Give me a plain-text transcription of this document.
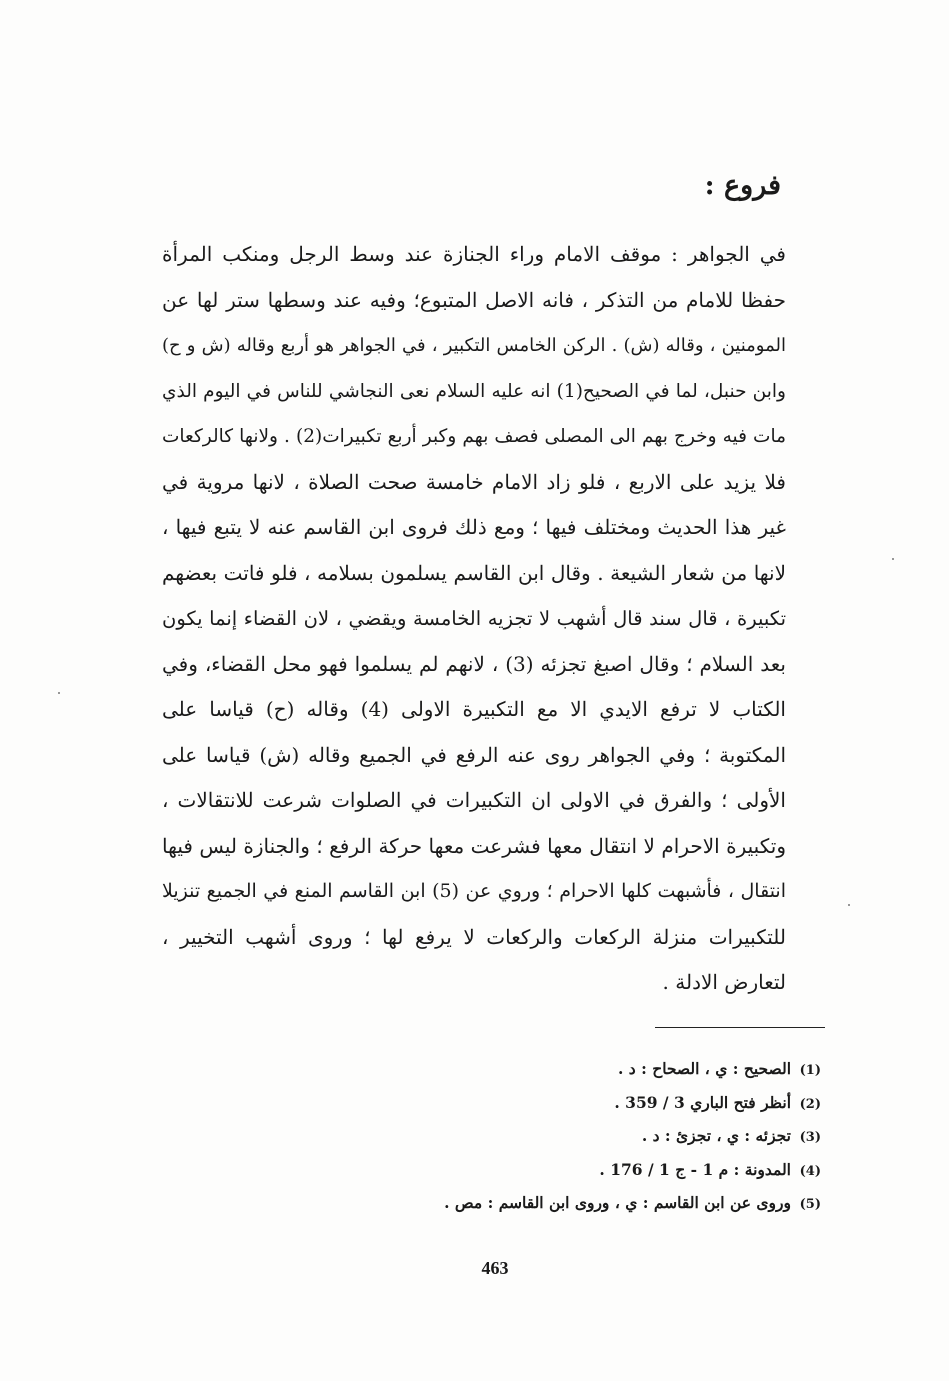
فروع :
في الجواهر : موقف الامام وراء الجنازة عند وسط الرجل ومنكب المرأة
حفظا للامام من التذكر ، فانه الاصل المتبوع؛ وفيه عند وسطها ستر لها عن
المومنين ، وقاله (ش) . الركن الخامس التكبير ، في الجواهر هو أربع وقاله (ش و ح)
وابن حنبل، لما في الصحيح(1) انه عليه السلام نعى النجاشي للناس في اليوم الذي
مات فيه وخرج بهم الى المصلى فصف بهم وكبر أربع تكبيرات(2) . ولانها كالركعات
فلا يزيد على الاربع ، فلو زاد الامام خامسة صحت الصلاة ، لانها مروية في
غير هذا الحديث ومختلف فيها ؛ ومع ذلك فروى ابن القاسم عنه لا يتبع فيها ،
لانها من شعار الشيعة . وقال ابن القاسم يسلمون بسلامه ، فلو فاتت بعضهم
تكبيرة ، قال سند قال أشهب لا تجزيه الخامسة ويقضي ، لان القضاء إنما يكون
بعد السلام ؛ وقال اصبغ تجزئه (3) ، لانهم لم يسلموا فهو محل القضاء، وفي
الكتاب لا ترفع الايدي الا مع التكبيرة الاولى (4) وقاله (ح) قياسا على
المكتوبة ؛ وفي الجواهر روى عنه الرفع في الجميع وقاله (ش) قياسا على
الأولى ؛ والفرق في الاولى ان التكبيرات في الصلوات شرعت للانتقالات ،
وتكبيرة الاحرام لا انتقال معها فشرعت معها حركة الرفع ؛ والجنازة ليس فيها
انتقال ، فأشبهت كلها الاحرام ؛ وروي عن (5) ابن القاسم المنع في الجميع تنزيلا
للتكبيرات منزلة الركعات والركعات لا يرفع لها ؛ وروى أشهب التخيير ،
لتعارض الادلة .
(1)الصحيح : ي ، الصحاح : د .
(2)أنظر فتح الباري 3 / 359 .
(3)تجزئه : ي ، تجزئ : د .
(4)المدونة : م 1 - ج 1 / 176 .
(5)وروى عن ابن القاسم : ي ، وروى ابن القاسم : مص .
463
